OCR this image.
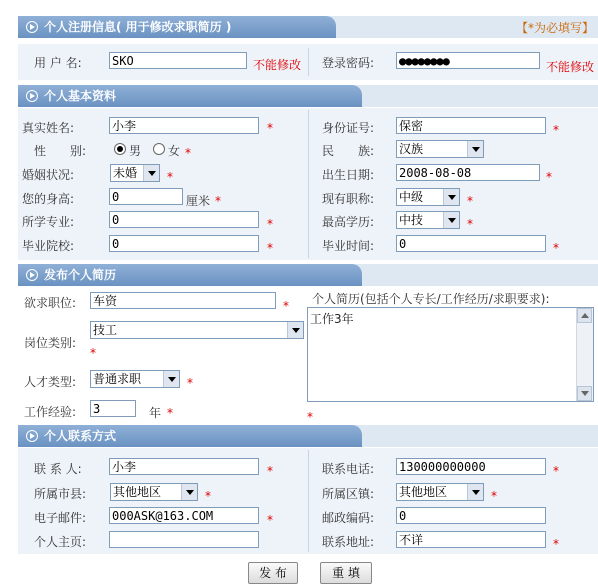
个人注册信息( 用于修改求职简历 )	【*为必填写】
用 户 名:	SKO	不能修改 登录密码: ●●●●●●●●	不能修改
个人基本资料
真实姓名:	小李	*	身份证号: 保密	*
性　　别:	男 女 *	民　　族: 汉族
婚姻状况:	未婚	*	出生日期: 2008-08-08	*
您的身高:	0	厘米 *	现有职称: 中级	*
所学专业:	0	*	最高学历: 中技	*
毕业院校:	0	*	毕业时间: 0	*
发布个人简历
欲求职位: 车资	*
岗位类别:
技工
*
人才类型: 普通求职	*
工作经验: 3	年 *
个人简历(包括个人专长/工作经历/求职要求):
工作3年
*
个人联系方式
联 系 人:	小李	*	联系电话: 130000000000	*
所属市县: 其他地区	*	所属区镇: 其他地区	*
电子邮件: 000ASK@163.COM	*	邮政编码: 0
个人主页:	联系地址: 不详	*
发 布	重 填
